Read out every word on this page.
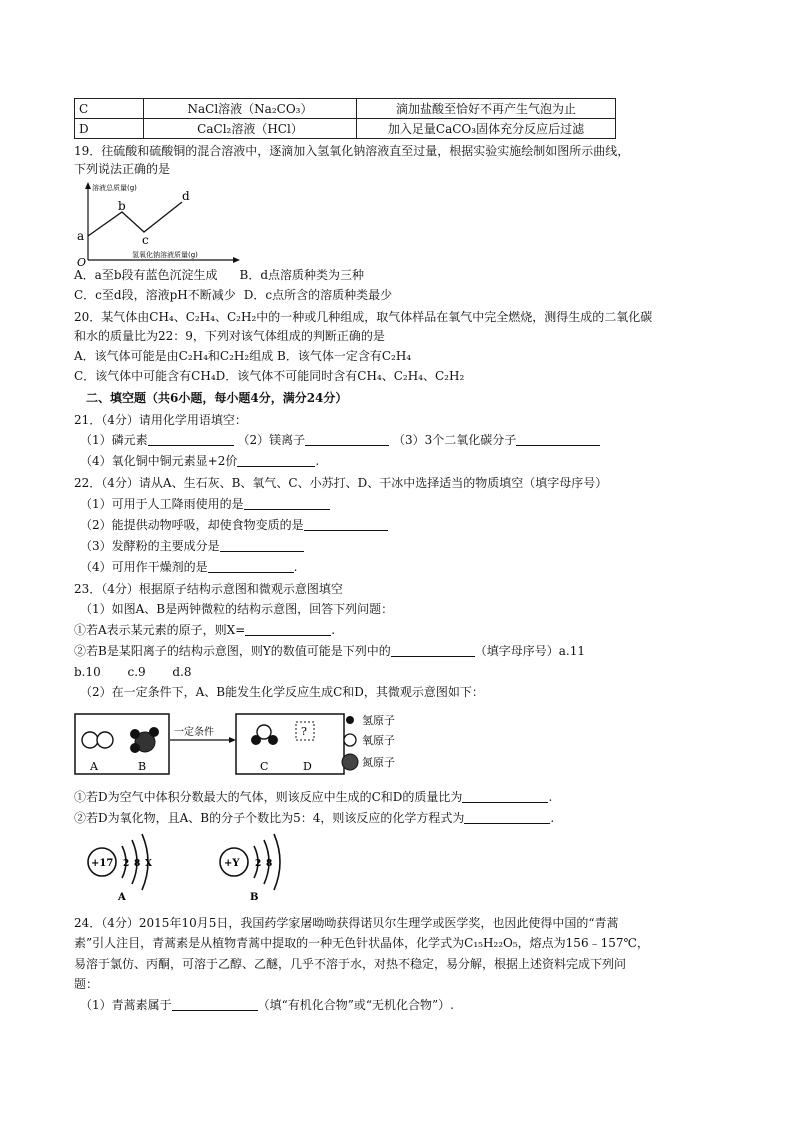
C	NaCl溶液（Na₂CO₃）	滴加盐酸至恰好不再产生气泡为止
D	CaCl₂溶液（HCl）	加入足量CaCO₃固体充分反应后过滤
19．往硫酸和硫酸铜的混合溶液中，逐滴加入氢氧化钠溶液直至过量，根据实验实施绘制如图所示曲线，
下列说法正确的是
溶液总质量(g)
氢氧化钠溶液质量(g)
a
b
c
d
O
A．a至b段有蓝色沉淀生成 B．d点溶质种类为三种
C．c至d段，溶液pH不断减少 D．c点所含的溶质种类最少
20．某气体由CH₄、C₂H₄、C₂H₂中的一种或几种组成，取气体样品在氧气中完全燃烧，测得生成的二氧化碳
和水的质量比为22：9，下列对该气体组成的判断正确的是
A．该气体可能是由C₂H₄和C₂H₂组成 B．该气体一定含有C₂H₄
C．该气体中可能含有CH₄D．该气体不可能同时含有CH₄、C₂H₄、C₂H₂
二、填空题（共6小题，每小题4分，满分24分）
21．（4分）请用化学用语填空：
（1）磷元素	（2）镁离子	（3）3个二氧化碳分子
（4）氧化铜中铜元素显+2价	.
22．（4分）请从A、生石灰、B、氧气、C、小苏打、D、干冰中选择适当的物质填空（填字母序号）
（1）可用于人工降雨使用的是
（2）能提供动物呼吸，却使食物变质的是
（3）发酵粉的主要成分是
（4）可用作干燥剂的是	.
23．（4分）根据原子结构示意图和微观示意图填空
（1）如图A、B是两钟微粒的结构示意图，回答下列问题：
①若A表示某元素的原子，则X=	.
②若B是某阳离子的结构示意图，则Y的数值可能是下列中的	（填字母序号）a.11
b.10       c.9       d.8
（2）在一定条件下，A、B能发生化学反应生成C和D，其微观示意图如下：
A	B
一定条件	?
C	D
氢原子
氧原子
氮原子
①若D为空气中体积分数最大的气体，则该反应中生成的C和D的质量比为	.
②若D为氧化物，且A、B的分子个数比为5：4，则该反应的化学方程式为	.
+17 2 8 X
A
+Y 2 8
B
24．（4分）2015年10月5日，我国药学家屠呦呦获得诺贝尔生理学或医学奖，也因此使得中国的“青蒿
素”引人注目，青蒿素是从植物青蒿中提取的一种无色针状晶体，化学式为C₁₅H₂₂O₅，熔点为156﹣157℃，
易溶于氯仿、丙酮，可溶于乙醇、乙醚，几乎不溶于水，对热不稳定，易分解，根据上述资料完成下列问
题：
（1）青蒿素属于	（填“有机化合物”或“无机化合物”）.
